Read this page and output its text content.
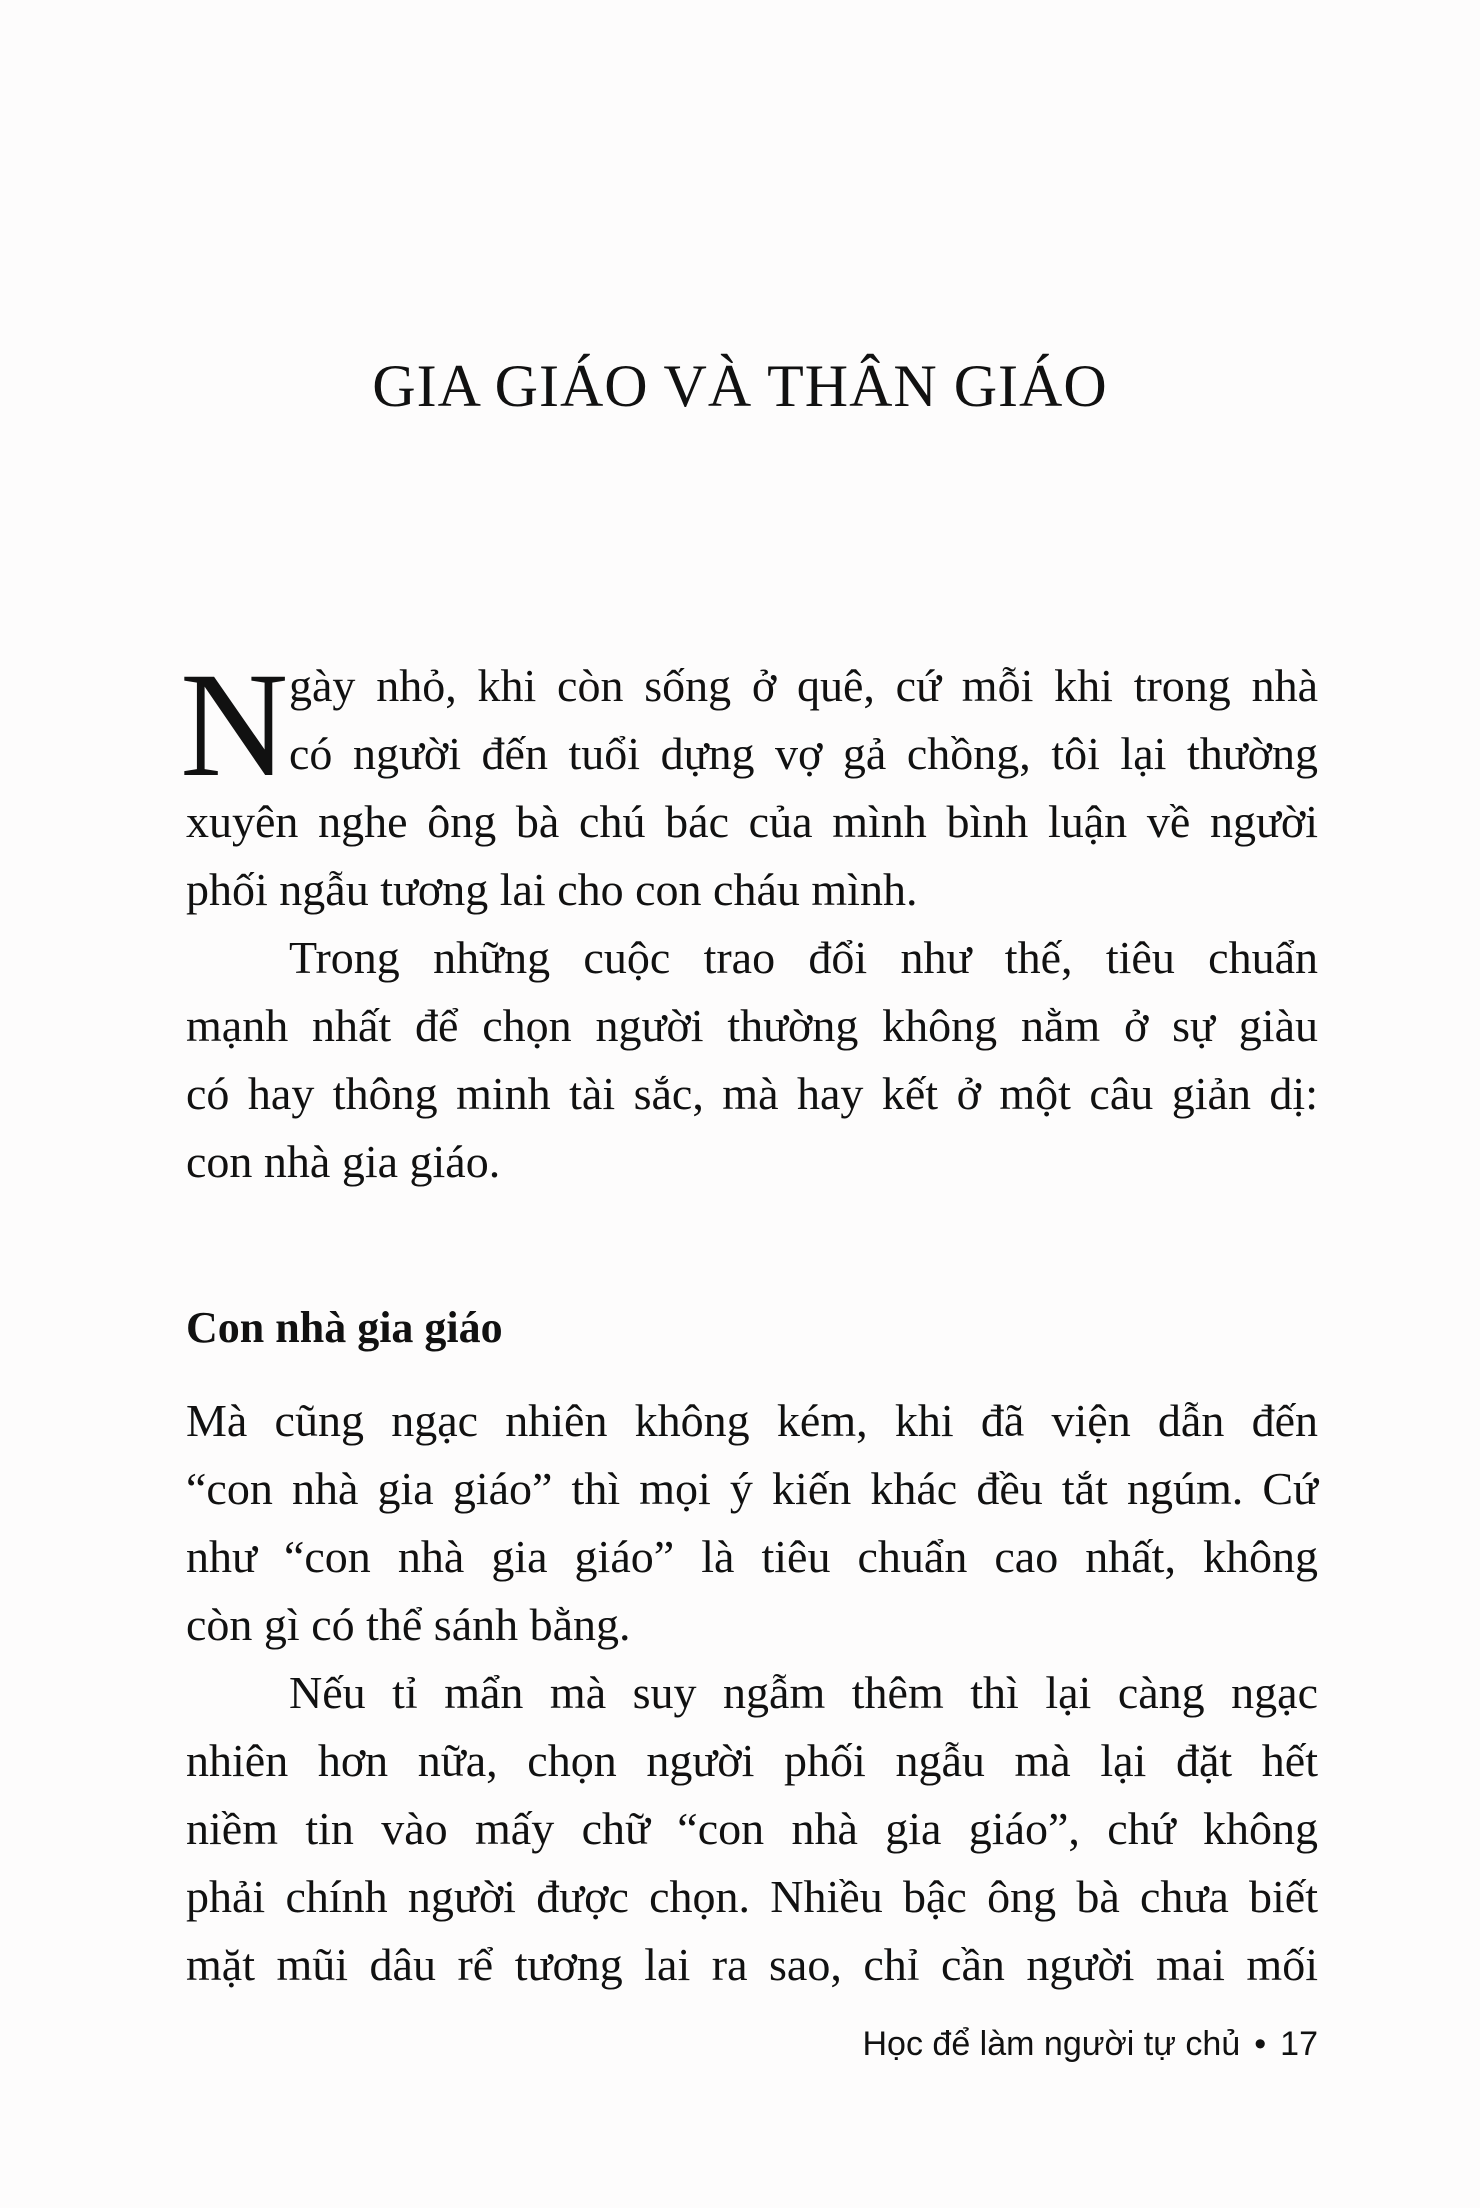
GIA GIÁO VÀ THÂN GIÁO
N gày nhỏ, khi còn sống ở quê, cứ mỗi khi trong nhà
có người đến tuổi dựng vợ gả chồng, tôi lại thường
xuyên nghe ông bà chú bác của mình bình luận về người
phối ngẫu tương lai cho con cháu mình.
Trong những cuộc trao đổi như thế, tiêu chuẩn
mạnh nhất để chọn người thường không nằm ở sự giàu
có hay thông minh tài sắc, mà hay kết ở một câu giản dị:
con nhà gia giáo.
Con nhà gia giáo
Mà cũng ngạc nhiên không kém, khi đã viện dẫn đến
“con nhà gia giáo” thì mọi ý kiến khác đều tắt ngúm. Cứ
như “con nhà gia giáo” là tiêu chuẩn cao nhất, không
còn gì có thể sánh bằng.
Nếu tỉ mẩn mà suy ngẫm thêm thì lại càng ngạc
nhiên hơn nữa, chọn người phối ngẫu mà lại đặt hết
niềm tin vào mấy chữ “con nhà gia giáo”, chứ không
phải chính người được chọn. Nhiều bậc ông bà chưa biết
mặt mũi dâu rể tương lai ra sao, chỉ cần người mai mối
Học để làm người tự chủ • 17
